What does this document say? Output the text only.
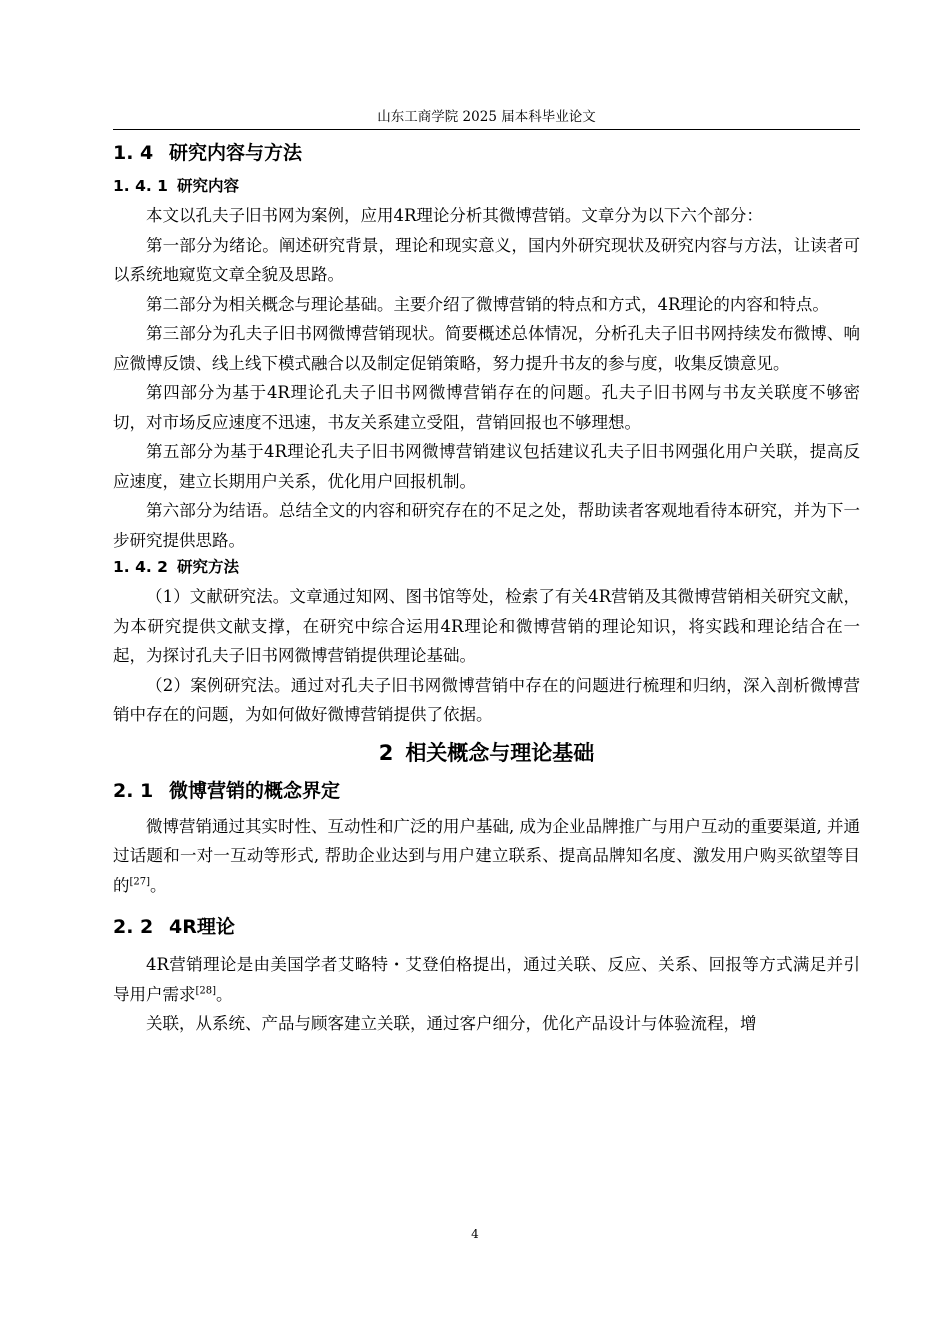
山东工商学院 2025 届本科毕业论文
1. 4 研究内容与方法
1. 4. 1 研究内容

本文以孔夫子旧书网为案例，应用4R理论分析其微博营销。文章分为以下六个部分：

第一部分为绪论。阐述研究背景，理论和现实意义，国内外研究现状及研究内容与方法，让读者可以系统地窥览文章全貌及思路。

第二部分为相关概念与理论基础。主要介绍了微博营销的特点和方式，4R理论的内容和特点。

第三部分为孔夫子旧书网微博营销现状。简要概述总体情况，分析孔夫子旧书网持续发布微博、响应微博反馈、线上线下模式融合以及制定促销策略，努力提升书友的参与度，收集反馈意见。

第四部分为基于4R理论孔夫子旧书网微博营销存在的问题。孔夫子旧书网与书友关联度不够密切，对市场反应速度不迅速，书友关系建立受阻，营销回报也不够理想。

第五部分为基于4R理论孔夫子旧书网微博营销建议包括建议孔夫子旧书网强化用户关联，提高反应速度，建立长期用户关系，优化用户回报机制。

第六部分为结语。总结全文的内容和研究存在的不足之处，帮助读者客观地看待本研究，并为下一步研究提供思路。

1. 4. 2 研究方法

（1）文献研究法。文章通过知网、图书馆等处，检索了有关4R营销及其微博营销相关研究文献，为本研究提供文献支撑，在研究中综合运用4R理论和微博营销的理论知识，将实践和理论结合在一起，为探讨孔夫子旧书网微博营销提供理论基础。

（2）案例研究法。通过对孔夫子旧书网微博营销中存在的问题进行梳理和归纳，深入剖析微博营销中存在的问题，为如何做好微博营销提供了依据。

2 相关概念与理论基础
2. 1 微博营销的概念界定

微博营销通过其实时性、互动性和广泛的用户基础, 成为企业品牌推广与用户互动的重要渠道, 并通过话题和一对一互动等形式, 帮助企业达到与用户建立联系、提高品牌知名度、激发用户购买欲望等目的[27]。

2. 2 4R理论

4R营销理论是由美国学者艾略特・艾登伯格提出，通过关联、反应、关系、回报等方式满足并引导用户需求[28]。

关联，从系统、产品与顾客建立关联，通过客户细分，优化产品设计与体验流程，增

4
